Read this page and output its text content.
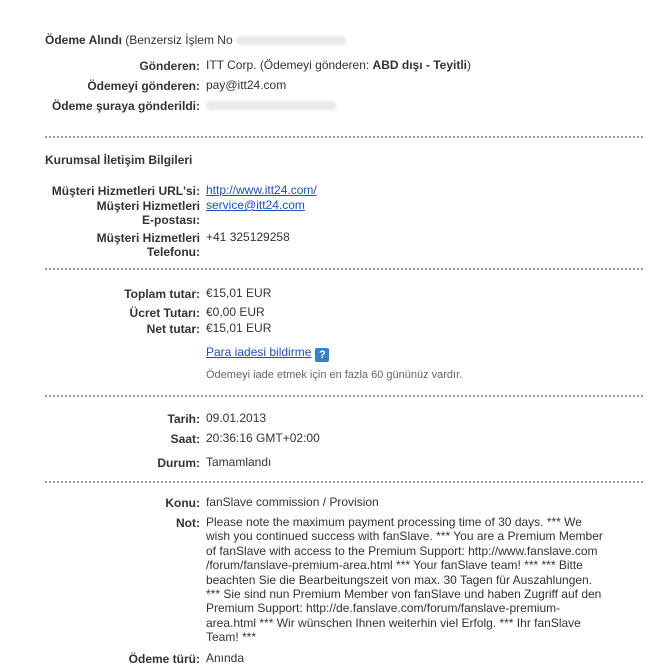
Ödeme Alındı (Benzersiz İşlem No
Gönderen: ITT Corp. (Ödemeyi gönderen: ABD dışı - Teyitli)
Ödemeyi gönderen: pay@itt24.com
Ödeme şuraya gönderildi:
Kurumsal İletişim Bilgileri
Müşteri Hizmetleri URL'si: http://www.itt24.com/
Müşteri Hizmetleri
E-postası:
service@itt24.com
Müşteri Hizmetleri
Telefonu:
+41 325129258
Toplam tutar: €15,01 EUR
Ücret Tutarı: €0,00 EUR
Net tutar: €15,01 EUR
Para iadesi bildirme ?
Ödemeyi iade etmek için en fazla 60 gününüz vardır.
Tarih: 09.01.2013
Saat: 20:36:16 GMT+02:00
Durum: Tamamlandı
Konu: fanSlave commission / Provision
Not: Please note the maximum payment processing time of 30 days. *** We
wish you continued success with fanSlave. *** You are a Premium Member
of fanSlave with access to the Premium Support: http://www.fanslave.com
/forum/fanslave-premium-area.html *** Your fanSlave team! *** *** Bitte
beachten Sie die Bearbeitungszeit von max. 30 Tagen für Auszahlungen.
*** Sie sind nun Premium Member von fanSlave und haben Zugriff auf den
Premium Support: http://de.fanslave.com/forum/fanslave-premium-
area.html *** Wir wünschen Ihnen weiterhin viel Erfolg. *** Ihr fanSlave
Team! ***
Ödeme türü: Anında
